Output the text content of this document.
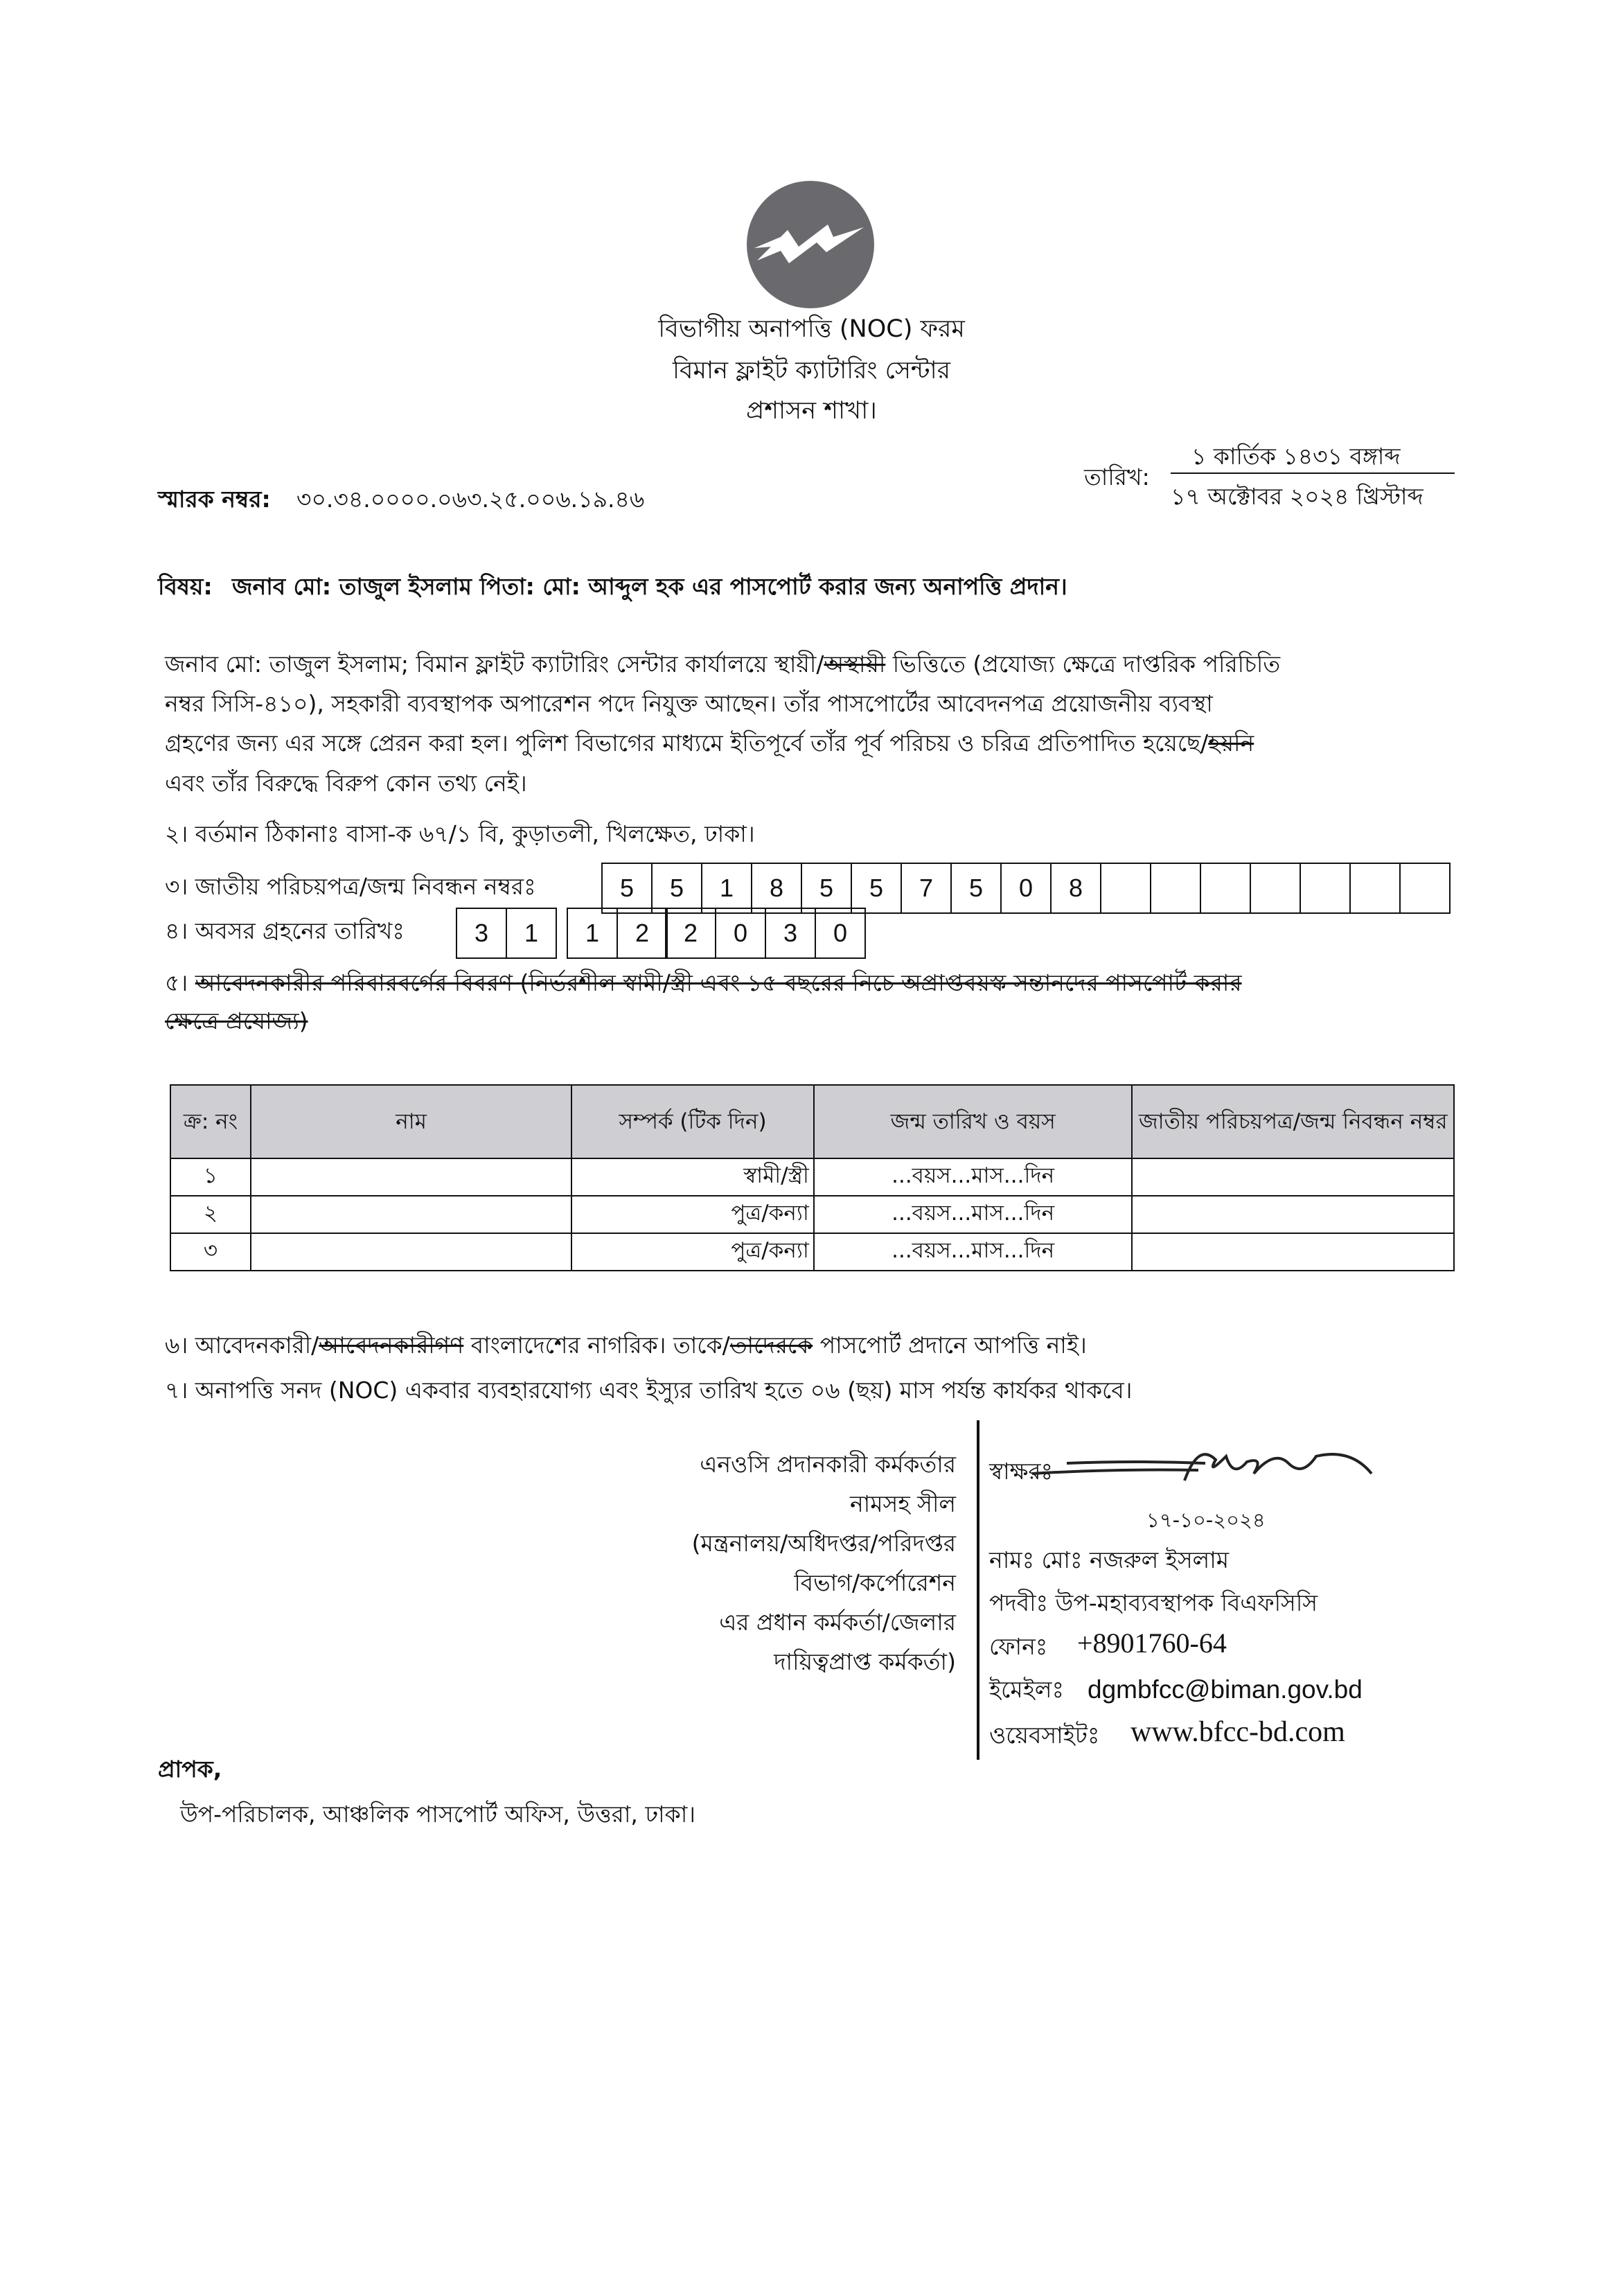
বিভাগীয় অনাপত্তি (NOC) ফরম
বিমান ফ্লাইট ক্যাটারিং সেন্টার
প্রশাসন শাখা।
১ কার্তিক ১৪৩১ বঙ্গাব্দ
তারিখ:
১৭ অক্টোবর ২০২৪ খ্রিস্টাব্দ
স্মারক নম্বর: ৩০.৩৪.০০০০.০৬৩.২৫.০০৬.১৯.৪৬
বিষয়: জনাব মো: তাজুল ইসলাম পিতা: মো: আব্দুল হক এর পাসপোর্ট করার জন্য অনাপত্তি প্রদান।
জনাব মো: তাজুল ইসলাম; বিমান ফ্লাইট ক্যাটারিং সেন্টার কার্যালয়ে স্থায়ী/অস্থায়ী ভিত্তিতে (প্রযোজ্য ক্ষেত্রে দাপ্তরিক পরিচিতি
নম্বর সিসি-৪১০), সহকারী ব্যবস্থাপক অপারেশন পদে নিযুক্ত আছেন। তাঁর পাসপোর্টের আবেদনপত্র প্রয়োজনীয় ব্যবস্থা
গ্রহণের জন্য এর সঙ্গে প্রেরন করা হল। পুলিশ বিভাগের মাধ্যমে ইতিপূর্বে তাঁর পূর্ব পরিচয় ও চরিত্র প্রতিপাদিত হয়েছে/হয়নি
এবং তাঁর বিরুদ্ধে বিরুপ কোন তথ্য নেই।
২। বর্তমান ঠিকানাঃ বাসা-ক ৬৭/১ বি, কুড়াতলী, খিলক্ষেত, ঢাকা।
৩। জাতীয় পরিচয়পত্র/জন্ম নিবন্ধন নম্বরঃ	5	5	1	8	5	5	7	5	0	8
৪। অবসর গ্রহনের তারিখঃ	3	1	1	2	2	0	3	0
৫। আবেদনকারীর পরিবারবর্গের বিবরণ (নির্ভরশীল স্বামী/স্ত্রী এবং ১৫ বছরের নিচে অপ্রাপ্তবয়স্ক সন্তানদের পাসপোর্ট করার
ক্ষেত্রে প্রযোজ্য)
ক্র: নং	নাম	সম্পর্ক (টিক দিন)	জন্ম তারিখ ও বয়স	জাতীয় পরিচয়পত্র/জন্ম নিবন্ধন নম্বর
১		স্বামী/স্ত্রী	...বয়স...মাস...দিন	
২		পুত্র/কন্যা	...বয়স...মাস...দিন	
৩		পুত্র/কন্যা	...বয়স...মাস...দিন	
৬। আবেদনকারী/আবেদনকারীগণ বাংলাদেশের নাগরিক। তাকে/তাদেরকে পাসপোর্ট প্রদানে আপত্তি নাই।
৭। অনাপত্তি সনদ (NOC) একবার ব্যবহারযোগ্য এবং ইস্যুর তারিখ হতে ০৬ (ছয়) মাস পর্যন্ত কার্যকর থাকবে।
এনওসি প্রদানকারী কর্মকর্তার
নামসহ সীল
(মন্ত্রনালয়/অধিদপ্তর/পরিদপ্তর
বিভাগ/কর্পোরেশন
এর প্রধান কর্মকর্তা/জেলার
দায়িত্বপ্রাপ্ত কর্মকর্তা)
স্বাক্ষরঃ
১৭-১০-২০২৪
নামঃ মোঃ নজরুল ইসলাম
পদবীঃ উপ-মহাব্যবস্থাপক বিএফসিসি
ফোনঃ +8901760-64
ইমেইলঃ dgmbfcc@biman.gov.bd
ওয়েবসাইটঃ www.bfcc-bd.com
প্রাপক,
উপ-পরিচালক, আঞ্চলিক পাসপোর্ট অফিস, উত্তরা, ঢাকা।
